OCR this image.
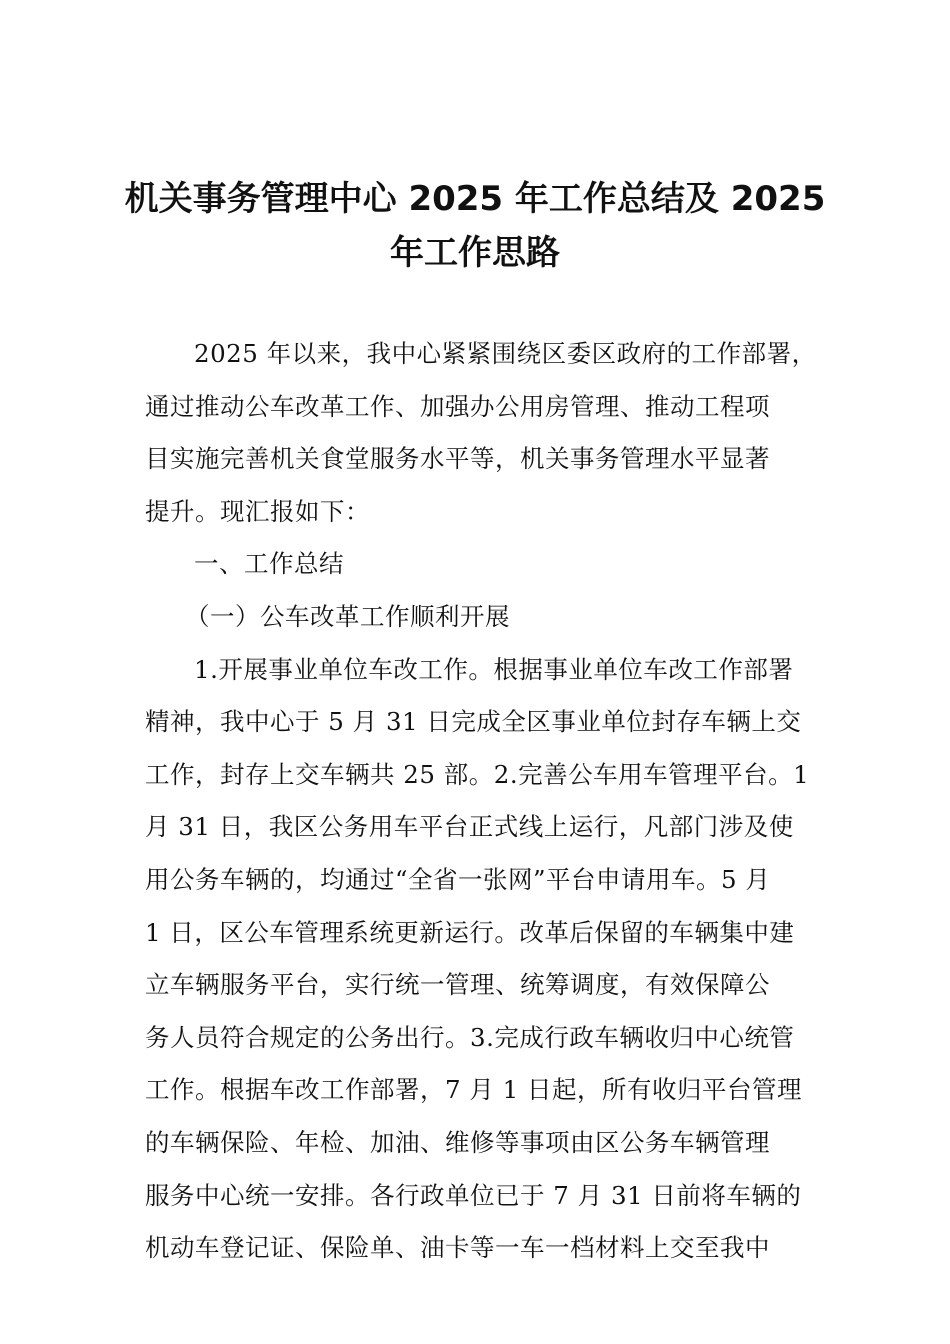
机关事务管理中心 2025 年工作总结及 2025
年工作思路
2025 年以来，我中心紧紧围绕区委区政府的工作部署，
通过推动公车改革工作、加强办公用房管理、推动工程项
目实施完善机关食堂服务水平等，机关事务管理水平显著
提升。现汇报如下：
一、工作总结
（一）公车改革工作顺利开展
1.开展事业单位车改工作。根据事业单位车改工作部署
精神，我中心于 5 月 31 日完成全区事业单位封存车辆上交
工作，封存上交车辆共 25 部。2.完善公车用车管理平台。1
月 31 日，我区公务用车平台正式线上运行，凡部门涉及使
用公务车辆的，均通过“全省一张网”平台申请用车。5 月
1 日，区公车管理系统更新运行。改革后保留的车辆集中建
立车辆服务平台，实行统一管理、统筹调度，有效保障公
务人员符合规定的公务出行。3.完成行政车辆收归中心统管
工作。根据车改工作部署，7 月 1 日起，所有收归平台管理
的车辆保险、年检、加油、维修等事项由区公务车辆管理
服务中心统一安排。各行政单位已于 7 月 31 日前将车辆的
机动车登记证、保险单、油卡等一车一档材料上交至我中
